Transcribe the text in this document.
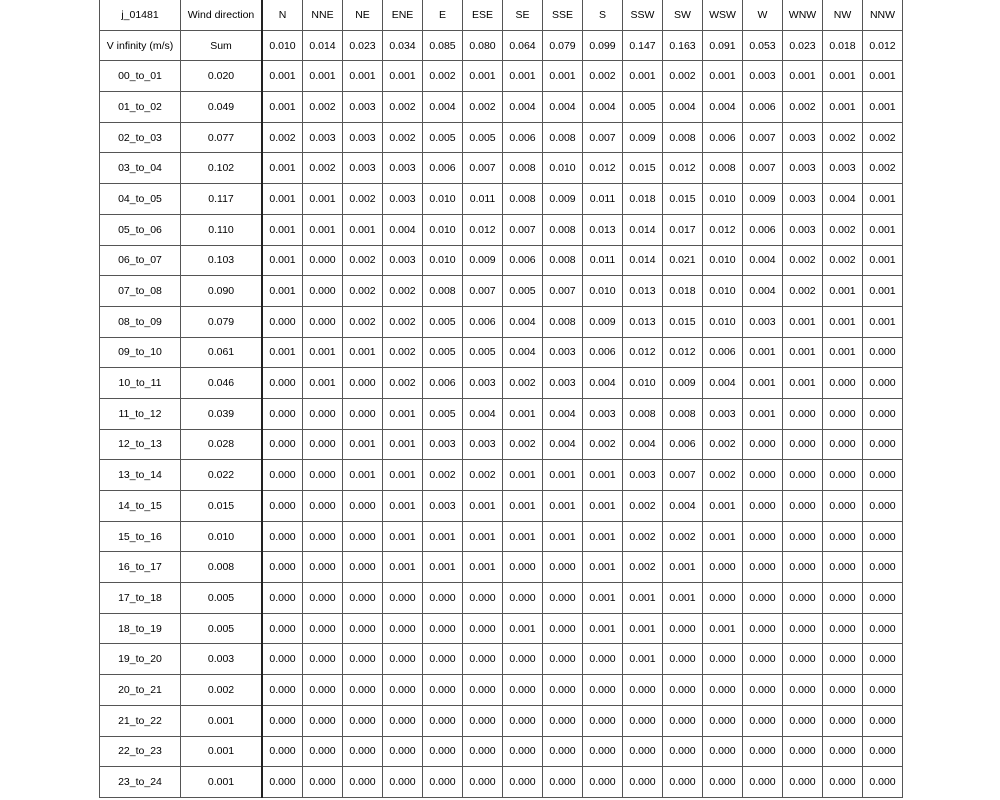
j_01481	Wind direction	N	NNE	NE	ENE	E	ESE	SE	SSE	S	SSW	SW	WSW	W	WNW	NW	NNW
V infinity (m/s)	Sum	0.010	0.014	0.023	0.034	0.085	0.080	0.064	0.079	0.099	0.147	0.163	0.091	0.053	0.023	0.018	0.012
00_to_01	0.020	0.001	0.001	0.001	0.001	0.002	0.001	0.001	0.001	0.002	0.001	0.002	0.001	0.003	0.001	0.001	0.001
01_to_02	0.049	0.001	0.002	0.003	0.002	0.004	0.002	0.004	0.004	0.004	0.005	0.004	0.004	0.006	0.002	0.001	0.001
02_to_03	0.077	0.002	0.003	0.003	0.002	0.005	0.005	0.006	0.008	0.007	0.009	0.008	0.006	0.007	0.003	0.002	0.002
03_to_04	0.102	0.001	0.002	0.003	0.003	0.006	0.007	0.008	0.010	0.012	0.015	0.012	0.008	0.007	0.003	0.003	0.002
04_to_05	0.117	0.001	0.001	0.002	0.003	0.010	0.011	0.008	0.009	0.011	0.018	0.015	0.010	0.009	0.003	0.004	0.001
05_to_06	0.110	0.001	0.001	0.001	0.004	0.010	0.012	0.007	0.008	0.013	0.014	0.017	0.012	0.006	0.003	0.002	0.001
06_to_07	0.103	0.001	0.000	0.002	0.003	0.010	0.009	0.006	0.008	0.011	0.014	0.021	0.010	0.004	0.002	0.002	0.001
07_to_08	0.090	0.001	0.000	0.002	0.002	0.008	0.007	0.005	0.007	0.010	0.013	0.018	0.010	0.004	0.002	0.001	0.001
08_to_09	0.079	0.000	0.000	0.002	0.002	0.005	0.006	0.004	0.008	0.009	0.013	0.015	0.010	0.003	0.001	0.001	0.001
09_to_10	0.061	0.001	0.001	0.001	0.002	0.005	0.005	0.004	0.003	0.006	0.012	0.012	0.006	0.001	0.001	0.001	0.000
10_to_11	0.046	0.000	0.001	0.000	0.002	0.006	0.003	0.002	0.003	0.004	0.010	0.009	0.004	0.001	0.001	0.000	0.000
11_to_12	0.039	0.000	0.000	0.000	0.001	0.005	0.004	0.001	0.004	0.003	0.008	0.008	0.003	0.001	0.000	0.000	0.000
12_to_13	0.028	0.000	0.000	0.001	0.001	0.003	0.003	0.002	0.004	0.002	0.004	0.006	0.002	0.000	0.000	0.000	0.000
13_to_14	0.022	0.000	0.000	0.001	0.001	0.002	0.002	0.001	0.001	0.001	0.003	0.007	0.002	0.000	0.000	0.000	0.000
14_to_15	0.015	0.000	0.000	0.000	0.001	0.003	0.001	0.001	0.001	0.001	0.002	0.004	0.001	0.000	0.000	0.000	0.000
15_to_16	0.010	0.000	0.000	0.000	0.001	0.001	0.001	0.001	0.001	0.001	0.002	0.002	0.001	0.000	0.000	0.000	0.000
16_to_17	0.008	0.000	0.000	0.000	0.001	0.001	0.001	0.000	0.000	0.001	0.002	0.001	0.000	0.000	0.000	0.000	0.000
17_to_18	0.005	0.000	0.000	0.000	0.000	0.000	0.000	0.000	0.000	0.001	0.001	0.001	0.000	0.000	0.000	0.000	0.000
18_to_19	0.005	0.000	0.000	0.000	0.000	0.000	0.000	0.001	0.000	0.001	0.001	0.000	0.001	0.000	0.000	0.000	0.000
19_to_20	0.003	0.000	0.000	0.000	0.000	0.000	0.000	0.000	0.000	0.000	0.001	0.000	0.000	0.000	0.000	0.000	0.000
20_to_21	0.002	0.000	0.000	0.000	0.000	0.000	0.000	0.000	0.000	0.000	0.000	0.000	0.000	0.000	0.000	0.000	0.000
21_to_22	0.001	0.000	0.000	0.000	0.000	0.000	0.000	0.000	0.000	0.000	0.000	0.000	0.000	0.000	0.000	0.000	0.000
22_to_23	0.001	0.000	0.000	0.000	0.000	0.000	0.000	0.000	0.000	0.000	0.000	0.000	0.000	0.000	0.000	0.000	0.000
23_to_24	0.001	0.000	0.000	0.000	0.000	0.000	0.000	0.000	0.000	0.000	0.000	0.000	0.000	0.000	0.000	0.000	0.000
